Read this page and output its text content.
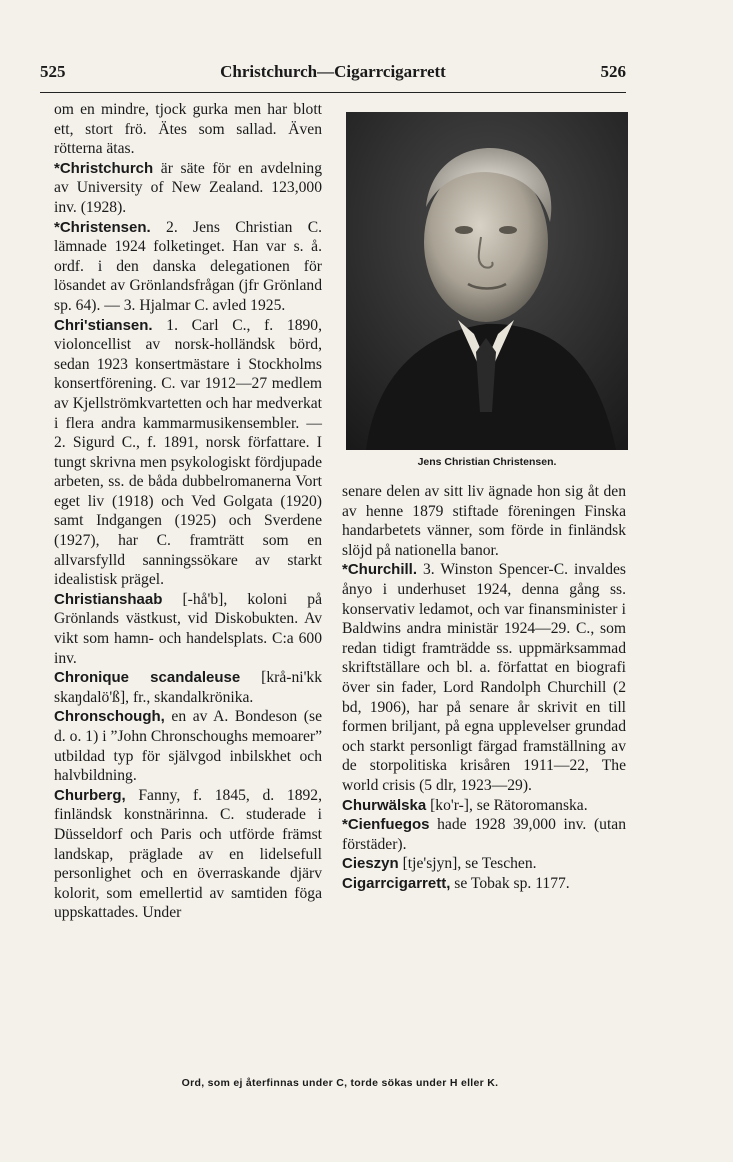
525	Christchurch—Cigarrcigarrett	526

om en mindre, tjock gurka men har blott ett, stort frö. Ätes som sallad. Även rötterna ätas.

*Christchurch är säte för en avdelning av University of New Zealand. 123,000 inv. (1928).

*Christensen. 2. Jens Christian C. lämnade 1924 folketinget. Han var s. å. ordf. i den danska delegationen för lösandet av Grönlandsfrågan (jfr Grönland sp. 64). — 3. Hjalmar C. avled 1925.

Chri'stiansen. 1. Carl C., f. 1890, violoncellist av norsk-holländsk börd, sedan 1923 konsertmästare i Stockholms konsertförening. C. var 1912—27 medlem av Kjellströmkvartetten och har medverkat i flera andra kammarmusikensembler. — 2. Sigurd C., f. 1891, norsk författare. I tungt skrivna men psykologiskt fördjupade arbeten, ss. de båda dubbelromanerna Vort eget liv (1918) och Ved Golgata (1920) samt Indgangen (1925) och Sverdene (1927), har C. framträtt som en allvarsfylld sanningssökare av starkt idealistisk prägel.

Christianshaab [-hå'b], koloni på Grönlands västkust, vid Diskobukten. Av vikt som hamn- och handelsplats. C:a 600 inv.

Chronique scandaleuse [krå-ni'kk skaŋdalö'ß], fr., skandalkrönika.

Chronschough, en av A. Bondeson (se d. o. 1) i ”John Chronschoughs memoarer” utbildad typ för självgod inbilskhet och halvbildning.

Churberg, Fanny, f. 1845, d. 1892, finländsk konstnärinna. C. studerade i Düsseldorf och Paris och utförde främst landskap, präglade av en lidelsefull personlighet och en överraskande djärv kolorit, som emellertid av samtiden föga uppskattades. Under

Jens Christian Christensen.

senare delen av sitt liv ägnade hon sig åt den av henne 1879 stiftade föreningen Finska handarbetets vänner, som förde in finländsk slöjd på nationella banor.

*Churchill. 3. Winston Spencer-C. invaldes ånyo i underhuset 1924, denna gång ss. konservativ ledamot, och var finansminister i Baldwins andra ministär 1924—29. C., som redan tidigt framträdde ss. uppmärksammad skriftställare och bl. a. författat en biografi över sin fader, Lord Randolph Churchill (2 bd, 1906), har på senare år skrivit en till formen briljant, på egna upplevelser grundad och starkt personligt färgad framställning av de storpolitiska krisåren 1911—22, The world crisis (5 dlr, 1923—29).

Churwälska [ko'r-], se Rätoromanska.

*Cienfuegos hade 1928 39,000 inv. (utan förstäder).

Cieszyn [tje'sjyn], se Teschen.

Cigarrcigarrett, se Tobak sp. 1177.

Ord, som ej återfinnas under C, torde sökas under H eller K.
